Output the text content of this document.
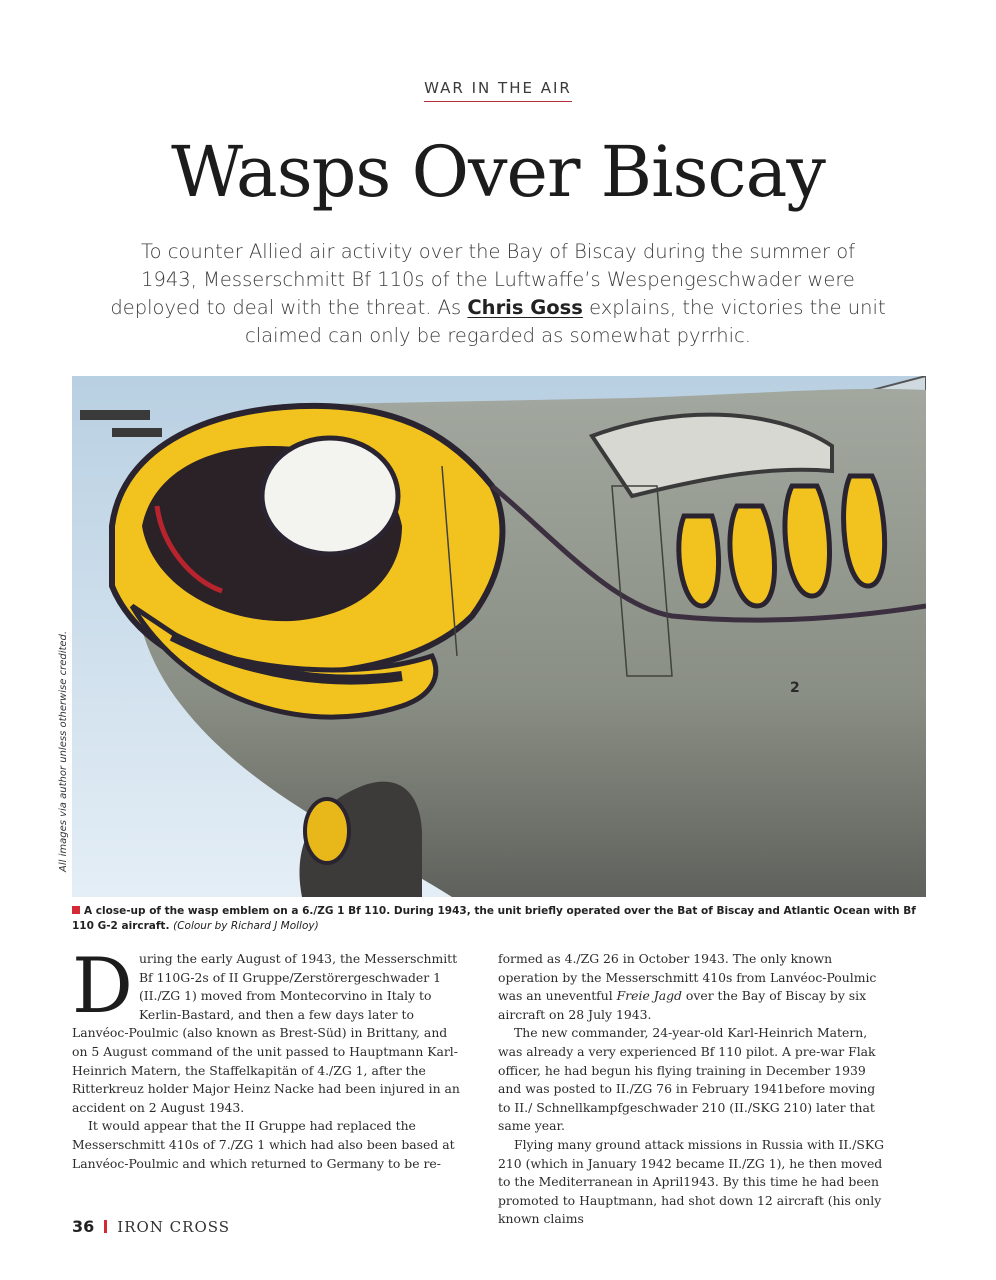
WAR IN THE AIR
Wasps Over Biscay
To counter Allied air activity over the Bay of Biscay during the summer of 1943, Messerschmitt Bf 110s of the Luftwaffe’s Wespengeschwader were deployed to deal with the threat. As Chris Goss explains, the victories the unit claimed can only be regarded as somewhat pyrrhic.
2
All images via author unless otherwise credited.
A close-up of the wasp emblem on a 6./ZG 1 Bf 110. During 1943, the unit briefly operated over the Bat of Biscay and Atlantic Ocean with Bf 110 G-2 aircraft. (Colour by Richard J Molloy)

During the early August of 1943, the Messerschmitt Bf 110G-2s of II Gruppe/Zerstörergeschwader 1 (II./ZG 1) moved from Montecorvino in Italy to Kerlin-Bastard, and then a few days later to Lanvéoc-Poulmic (also known as Brest-Süd) in Brittany, and on 5 August command of the unit passed to Hauptmann Karl-Heinrich Matern, the Staffelkapitän of 4./ZG 1, after the Ritterkreuz holder Major Heinz Nacke had been injured in an accident on 2 August 1943.

It would appear that the II Gruppe had replaced the Messerschmitt 410s of 7./ZG 1 which had also been based at Lanvéoc-Poulmic and which returned to Germany to be re-

formed as 4./ZG 26 in October 1943. The only known operation by the Messerschmitt 410s from Lanvéoc-Poulmic was an uneventful Freie Jagd over the Bay of Biscay by six aircraft on 28 July 1943.

The new commander, 24-year-old Karl-Heinrich Matern, was already a very experienced Bf 110 pilot. A pre-war Flak officer, he had begun his flying training in December 1939 and was posted to II./ZG 76 in February 1941before moving to II./ Schnellkampfgeschwader 210 (II./SKG 210) later that same year.

Flying many ground attack missions in Russia with II./SKG 210 (which in January 1942 became II./ZG 1), he then moved to the Mediterranean in April1943. By this time he had been promoted to Hauptmann, had shot down 12 aircraft (his only known claims

36 IRON CROSS
